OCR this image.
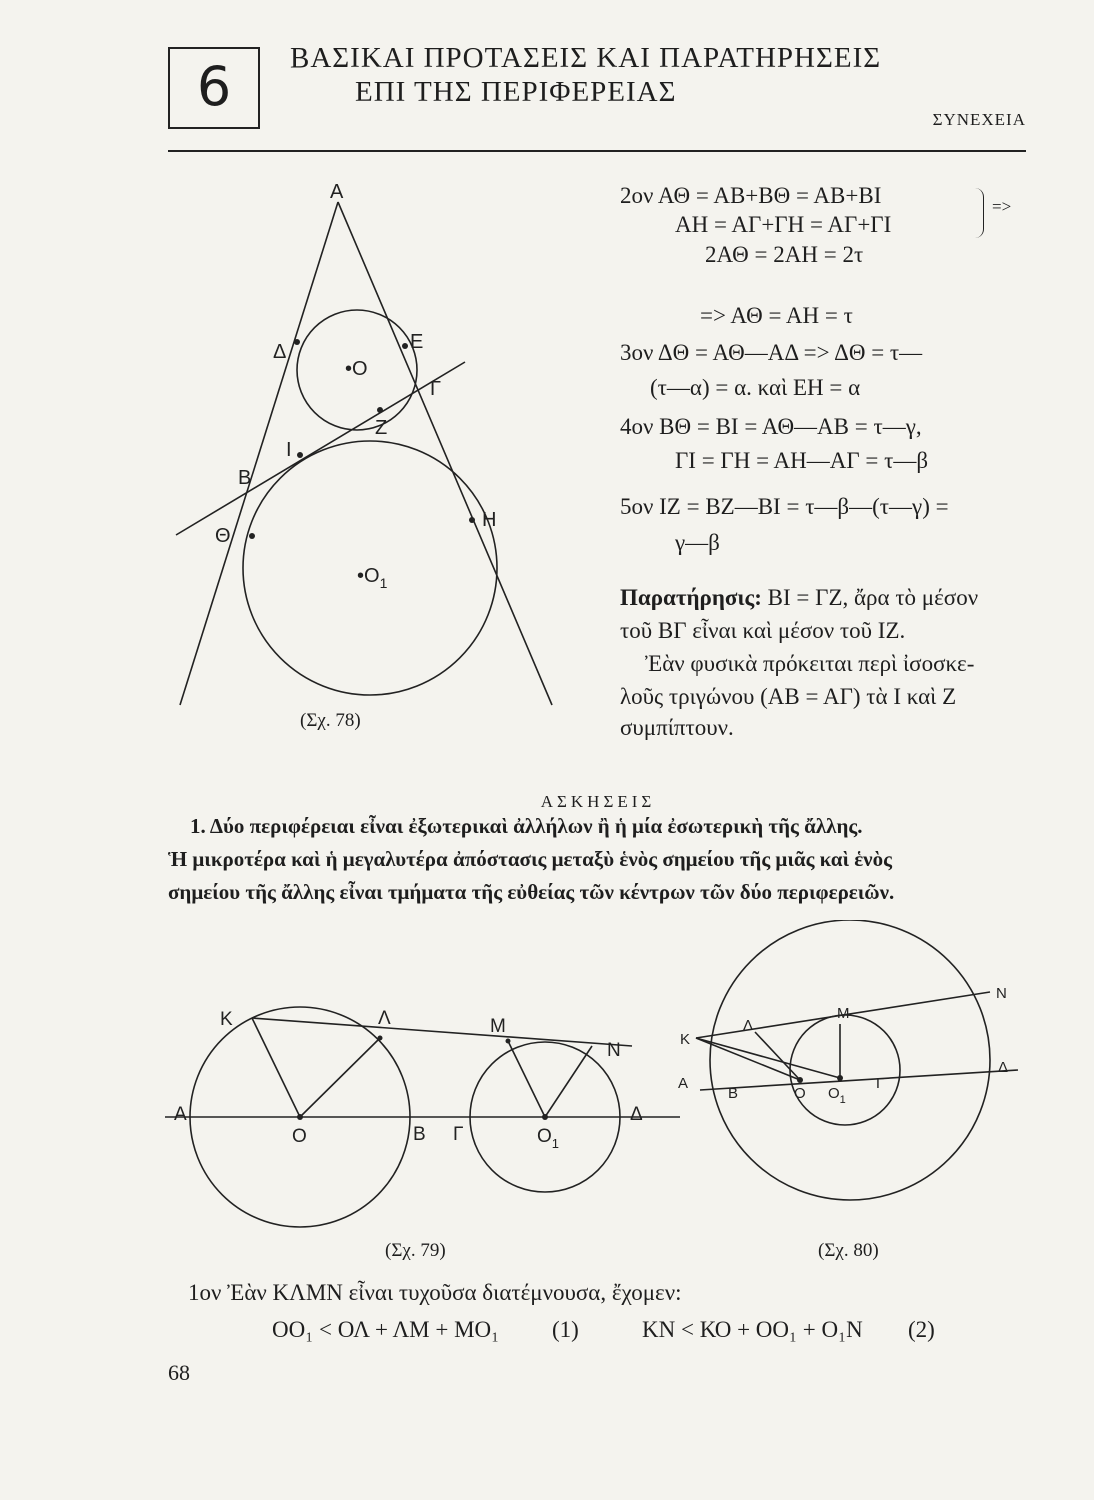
6	ΒΑΣΙΚΑΙ ΠΡΟΤΑΣΕΙΣ ΚΑΙ ΠΑΡΑΤΗΡΗΣΕΙΣ
ΕΠΙ ΤΗΣ ΠΕΡΙΦΕΡΕΙΑΣ
ΣΥΝΕΧΕΙΑ
A
Δ	E
•O
Γ
Z
I
B
Θ
H
$•O_1$
(Σχ. 78)
2ον ΑΘ = ΑΒ+ΒΘ = ΑΒ+ΒΙ
ΑΗ = ΑΓ+ΓΗ = ΑΓ+ΓΙ
=>
2ΑΘ = 2ΑΗ = 2τ
=> ΑΘ = ΑΗ = τ
3ον ΔΘ = ΑΘ—ΑΔ => ΔΘ = τ—
(τ—α) = α. καὶ ΕΗ = α
4ον ΒΘ = ΒΙ = ΑΘ—ΑΒ = τ—γ,
ΓΙ = ΓΗ = ΑΗ—ΑΓ = τ—β
5ον ΙΖ = ΒΖ—ΒΙ = τ—β—(τ—γ) =
γ—β
Παρατήρησις: ΒΙ = ΓΖ, ἄρα τὸ μέσον
τοῦ ΒΓ εἶναι καὶ μέσον τοῦ ΙΖ.
Ἐὰν φυσικὰ πρόκειται περὶ ἰσοσκε-
λοῦς τριγώνου (ΑΒ = ΑΓ) τὰ Ι καὶ Ζ
συμπίπτουν.
ΑΣΚΗΣΕΙΣ
1. Δύο περιφέρειαι εἶναι ἐξωτερικαὶ ἀλλήλων ἢ ἡ μία ἐσωτερικὴ τῆς ἄλλης.
Ἡ μικροτέρα καὶ ἡ μεγαλυτέρα ἀπόστασις μεταξὺ ἑνὸς σημείου τῆς μιᾶς καὶ ἑνὸς
σημείου τῆς ἄλλης εἶναι τμήματα τῆς εὐθείας τῶν κέντρων τῶν δύο περιφερειῶν.
K	Λ	M
N
A
O	B Γ	$O_1$
Δ
N
M
Λ
K
A
B	O $O_1$
Γ
Δ
(Σχ. 79)	(Σχ. 80)
1ον Ἐὰν ΚΛΜΝ εἶναι τυχοῦσα διατέμνουσα, ἔχομεν:
ΟΟ₁ < ΟΛ + ΛΜ + ΜΟ₁ (1)	ΚΝ < ΚΟ + ΟΟ₁ + Ο₁Ν (2)
68
